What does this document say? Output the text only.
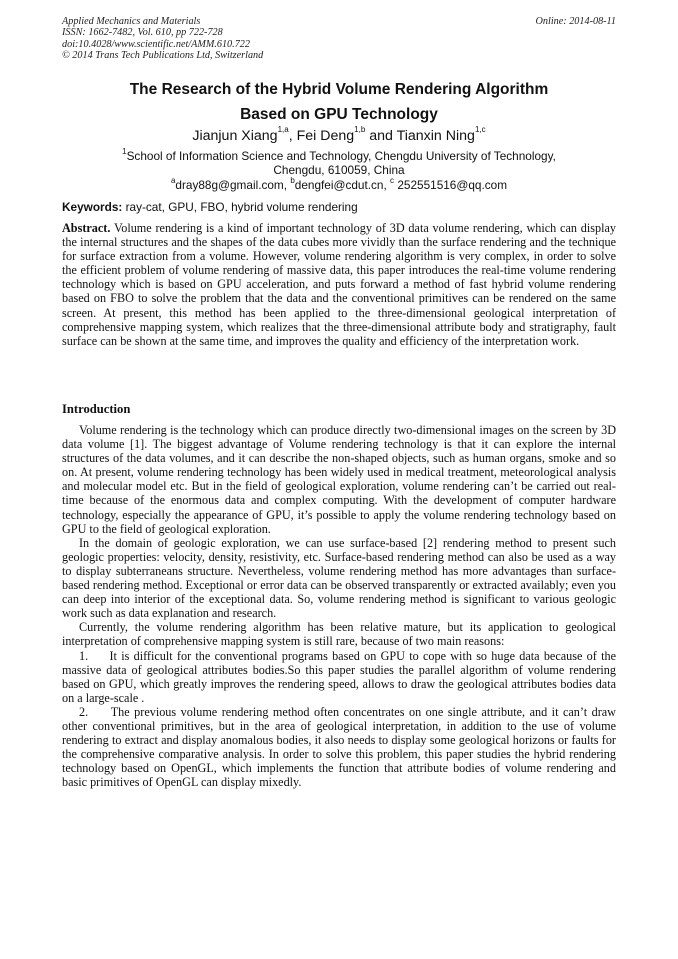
Applied Mechanics and Materials	Online: 2014-08-11
ISSN: 1662-7482, Vol. 610, pp 722-728
doi:10.4028/www.scientific.net/AMM.610.722
© 2014 Trans Tech Publications Ltd, Switzerland
The Research of the Hybrid Volume Rendering Algorithm
Based on GPU Technology
Jianjun Xiang$^{1,a}$, Fei Deng$^{1,b}$ and Tianxin Ning$^{1,c}$
$^1$School of Information Science and Technology, Chengdu University of Technology,
Chengdu, 610059, China
$^a$dray88g@gmail.com, $^b$dengfei@cdut.cn, $^c$ 252551516@qq.com
Keywords: ray-cat, GPU, FBO, hybrid volume rendering

Abstract. Volume rendering is a kind of important technology of 3D data volume rendering, which can display the internal structures and the shapes of the data cubes more vividly than the surface rendering and the technique for surface extraction from a volume. However, volume rendering algorithm is very complex, in order to solve the efficient problem of volume rendering of massive data, this paper introduces the real-time volume rendering technology which is based on GPU acceleration, and puts forward a method of fast hybrid volume rendering based on FBO to solve the problem that the data and the conventional primitives can be rendered on the same screen. At present, this method has been applied to the three-dimensional geological interpretation of comprehensive mapping system, which realizes that the three-dimensional attribute body and stratigraphy, fault surface can be shown at the same time, and improves the quality and efficiency of the interpretation work.

Introduction

Volume rendering is the technology which can produce directly two-dimensional images on the screen by 3D data volume [1]. The biggest advantage of Volume rendering technology is that it can explore the internal structures of the data volumes, and it can describe the non-shaped objects, such as human organs, smoke and so on. At present, volume rendering technology has been widely used in medical treatment, meteorological analysis and molecular model etc. But in the field of geological exploration, volume rendering can’t be carried out real-time because of the enormous data and complex computing. With the development of computer hardware technology, especially the appearance of GPU, it’s possible to apply the volume rendering technology based on GPU to the field of geological exploration.

In the domain of geologic exploration, we can use surface-based [2] rendering method to present such geologic properties: velocity, density, resistivity, etc. Surface-based rendering method can also be used as a way to display subterraneans structure. Nevertheless, volume rendering method has more advantages than surface-based rendering method. Exceptional or error data can be observed transparently or extracted availably; even you can deep into interior of the exceptional data. So, volume rendering method is significant to various geologic work such as data explanation and research.

Currently, the volume rendering algorithm has been relative mature, but its application to geological interpretation of comprehensive mapping system is still rare, because of two main reasons:

1.     It is difficult for the conventional programs based on GPU to cope with so huge data because of the massive data of geological attributes bodies.So this paper studies the parallel algorithm of volume rendering based on GPU, which greatly improves the rendering speed, allows to draw the geological attributes bodies data on a large-scale .

2.     The previous volume rendering method often concentrates on one single attribute, and it can’t draw other conventional primitives, but in the area of geological interpretation, in addition to the use of volume rendering to extract and display anomalous bodies, it also needs to display some geological horizons or faults for the comprehensive comparative analysis. In order to solve this problem, this paper studies the hybrid rendering technology based on OpenGL, which implements the function that attribute bodies of volume rendering and basic primitives of OpenGL can display mixedly.
